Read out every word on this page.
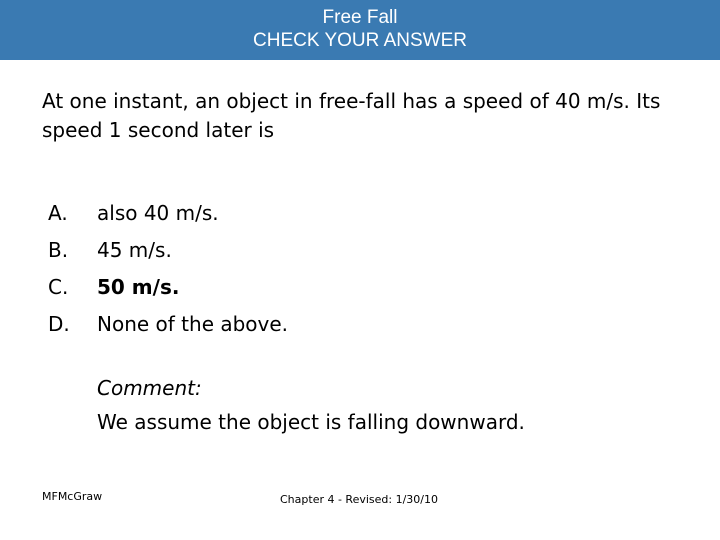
Free Fall
CHECK YOUR ANSWER
At one instant, an object in free-fall has a speed of 40 m/s. Its speed 1 second later is
A. also 40 m/s.
B. 45 m/s.
C. 50 m/s.
D. None of the above.
Comment:
We assume the object is falling downward.
MFMcGraw	Chapter 4 - Revised: 1/30/10
